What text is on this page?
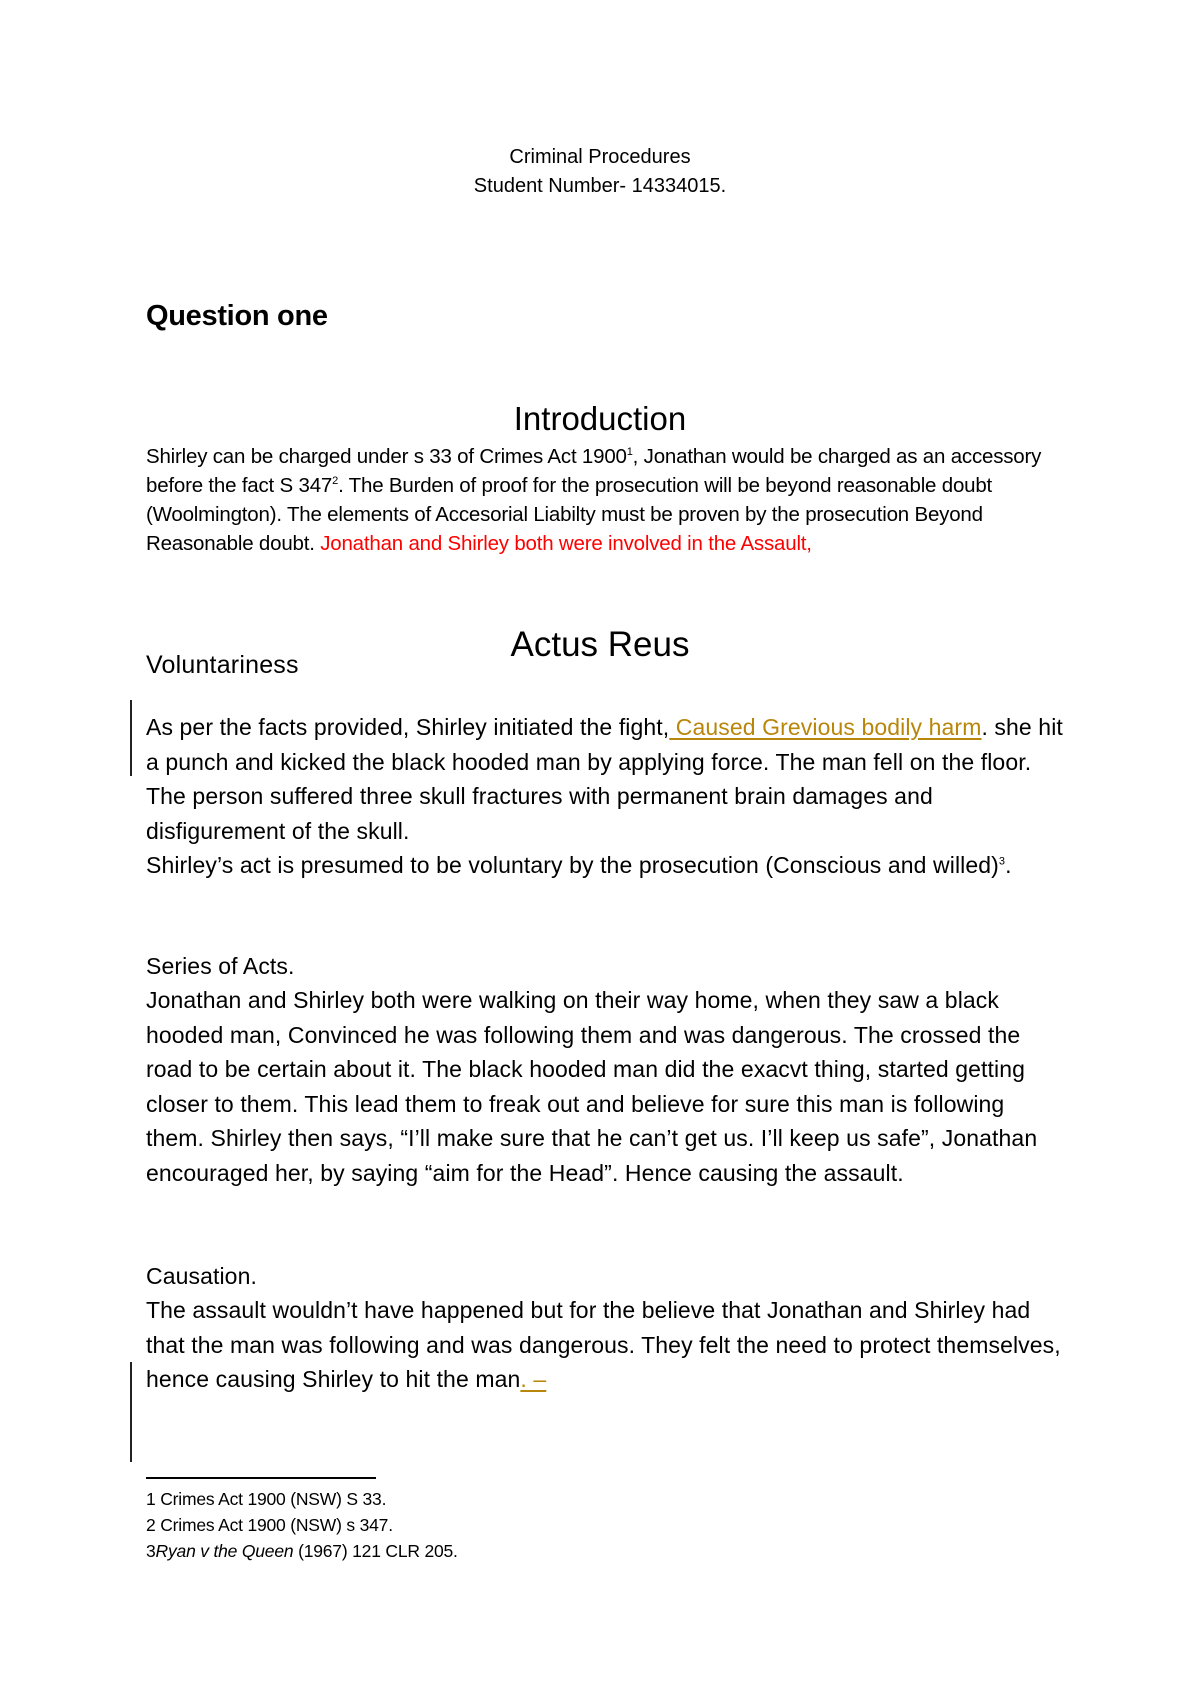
Criminal Procedures
Student Number- 14334015.
Question one
Introduction
Shirley can be charged under s 33 of Crimes Act 1900$^1$, Jonathan would be charged as an accessory before the fact S $347^2$. The Burden of proof for the prosecution will be beyond reasonable doubt (Woolmington). The elements of Accesorial Liabilty must be proven by the prosecution Beyond Reasonable doubt. Jonathan and Shirley both were involved in the Assault,
Actus Reus
Voluntariness
As per the facts provided, Shirley initiated the fight, Caused Grevious bodily harm. she hit a punch and kicked the black hooded man by applying force. The man fell on the floor. The person suffered three skull fractures with permanent brain damages and disfigurement of the skull.
Shirley’s act is presumed to be voluntary by the prosecution (Conscious and willed)$^3$.
Series of Acts.
Jonathan and Shirley both were walking on their way home, when they saw a black hooded man, Convinced he was following them and was dangerous. The crossed the road to be certain about it. The black hooded man did the exacvt thing, started getting closer to them. This lead them to freak out and believe for sure this man is following them. Shirley then says, “I’ll make sure that he can’t get us. I’ll keep us safe”, Jonathan encouraged her, by saying “aim for the Head”. Hence causing the assault.
Causation.
The assault wouldn’t have happened but for the believe that Jonathan and Shirley had that the man was following and was dangerous. They felt the need to protect themselves, hence causing Shirley to hit the man. –
1 Crimes Act 1900 (NSW) S 33.
2 Crimes Act 1900 (NSW) s 347.
3Ryan v the Queen (1967) 121 CLR 205.
